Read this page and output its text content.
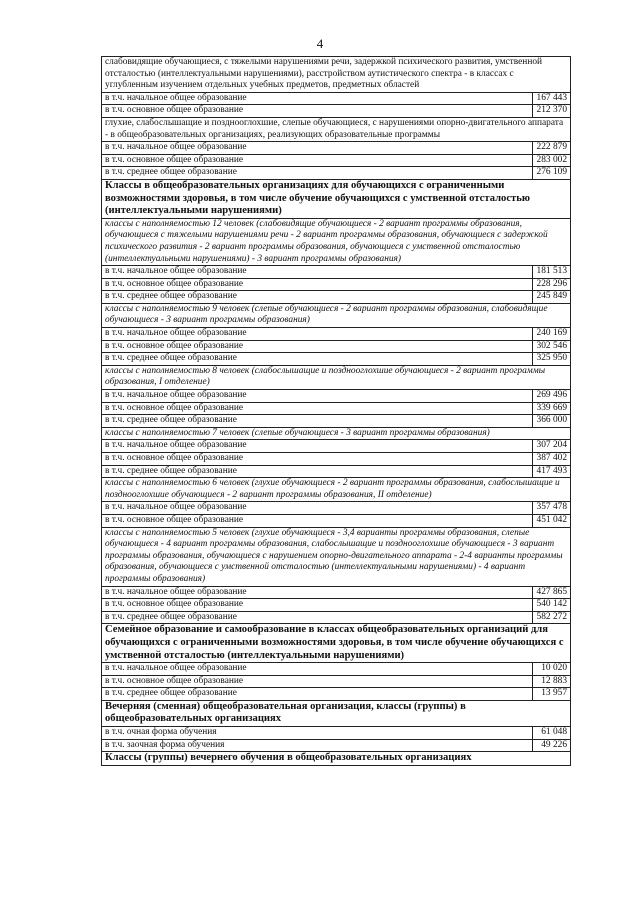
4
слабовидящие обучающиеся, с тяжелыми нарушениями речи, задержкой психического развития, умственной отсталостью (интеллектуальными нарушениями), расстройством аутистического спектра - в классах с углубленным изучением отдельных учебных предметов, предметных областей	
в т.ч. начальное общее образование	167 443
в т.ч. основное общее образование	212 370
глухие, слабослышащие и позднооглохшие, слепые обучающиеся, с нарушениями опорно-двигательного аппарата - в общеобразовательных организациях, реализующих образовательные программы	
в т.ч. начальное общее образование	222 879
в т.ч. основное общее образование	283 002
в т.ч. среднее общее образование	276 109
Классы в общеобразовательных организациях для обучающихся с ограниченными возможностями здоровья, в том числе обучение обучающихся с умственной отсталостью (интеллектуальными нарушениями)	
классы с наполняемостью 12 человек (слабовидящие обучающиеся - 2 вариант программы образования, обучающиеся с тяжелыми нарушениями речи - 2 вариант программы образования, обучающиеся с задержкой психического развития - 2 вариант программы образования, обучающиеся с умственной отсталостью (интеллектуальными нарушениями) - 3 вариант программы образования)	
в т.ч. начальное общее образование	181 513
в т.ч. основное общее образование	228 296
в т.ч. среднее общее образование	245 849
классы с наполняемостью 9 человек (слепые обучающиеся - 2 вариант программы образования, слабовидящие обучающиеся - 3 вариант программы образования)	
в т.ч. начальное общее образование	240 169
в т.ч. основное общее образование	302 546
в т.ч. среднее общее образование	325 950
классы с наполняемостью 8 человек (слабослышащие и позднооглохшие обучающиеся - 2 вариант программы образования, I отделение)	
в т.ч. начальное общее образование	269 496
в т.ч. основное общее образование	339 669
в т.ч. среднее общее образование	366 000
классы с наполняемостью 7 человек (слепые обучающиеся - 3 вариант программы образования)	
в т.ч. начальное общее образование	307 204
в т.ч. основное общее образование	387 402
в т.ч. среднее общее образование	417 493
классы с наполняемостью 6 человек (глухие обучающиеся - 2 вариант программы образования, слабослышащие и позднооглохшие обучающиеся - 2 вариант программы образования, II отделение)	
в т.ч. начальное общее образование	357 478
в т.ч. основное общее образование	451 042
классы с наполняемостью 5 человек (глухие обучающиеся - 3,4 варианты программы образования, слепые обучающиеся - 4 вариант программы образования, слабослышащие и позднооглохшие обучающиеся - 3 вариант программы образования, обучающиеся с нарушением опорно-двигательного аппарата - 2-4 варианты программы образования, обучающиеся с умственной отсталостью (интеллектуальными нарушениями) - 4 вариант программы образования)	
в т.ч. начальное общее образование	427 865
в т.ч. основное общее образование	540 142
в т.ч. среднее общее образование	582 272
Семейное образование и самообразование в классах общеобразовательных организаций для обучающихся с ограниченными возможностями здоровья, в том числе обучение обучающихся с умственной отсталостью (интеллектуальными нарушениями)	
в т.ч. начальное общее образование	10 020
в т.ч. основное общее образование	12 883
в т.ч. среднее общее образование	13 957
Вечерняя (сменная) общеобразовательная организация, классы (группы) в общеобразовательных организациях	
в т.ч. очная форма обучения	61 048
в т.ч. заочная форма обучения	49 226
Классы (группы) вечернего обучения в общеобразовательных организациях	
